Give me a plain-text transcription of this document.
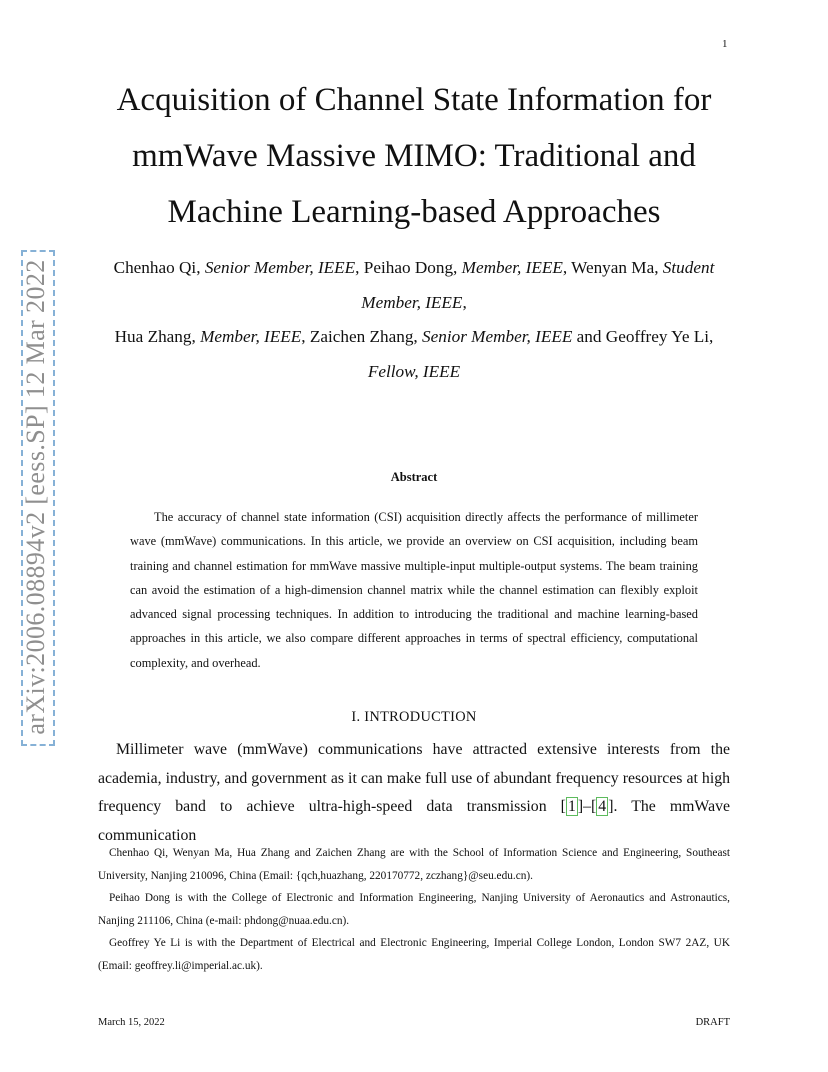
1
arXiv:2006.08894v2 [eess.SP] 12 Mar 2022
Acquisition of Channel State Information for mmWave Massive MIMO: Traditional and Machine Learning-based Approaches
Chenhao Qi, Senior Member, IEEE, Peihao Dong, Member, IEEE, Wenyan Ma, Student Member, IEEE,
Hua Zhang, Member, IEEE, Zaichen Zhang, Senior Member, IEEE and Geoffrey Ye Li, Fellow, IEEE
Abstract

The accuracy of channel state information (CSI) acquisition directly affects the performance of millimeter wave (mmWave) communications. In this article, we provide an overview on CSI acquisition, including beam training and channel estimation for mmWave massive multiple-input multiple-output systems. The beam training can avoid the estimation of a high-dimension channel matrix while the channel estimation can flexibly exploit advanced signal processing techniques. In addition to introducing the traditional and machine learning-based approaches in this article, we also compare different approaches in terms of spectral efficiency, computational complexity, and overhead.

I. INTRODUCTION

Millimeter wave (mmWave) communications have attracted extensive interests from the academia, industry, and government as it can make full use of abundant frequency resources at high frequency band to achieve ultra-high-speed data transmission [ 1 ]–[ 4 ]. The mmWave communication

Chenhao Qi, Wenyan Ma, Hua Zhang and Zaichen Zhang are with the School of Information Science and Engineering, Southeast University, Nanjing 210096, China (Email: {qch,huazhang, 220170772, zczhang}@seu.edu.cn).

Peihao Dong is with the College of Electronic and Information Engineering, Nanjing University of Aeronautics and Astronautics, Nanjing 211106, China (e-mail: phdong@nuaa.edu.cn).

Geoffrey Ye Li is with the Department of Electrical and Electronic Engineering, Imperial College London, London SW7 2AZ, UK (Email: geoffrey.li@imperial.ac.uk).

March 15, 2022	DRAFT
